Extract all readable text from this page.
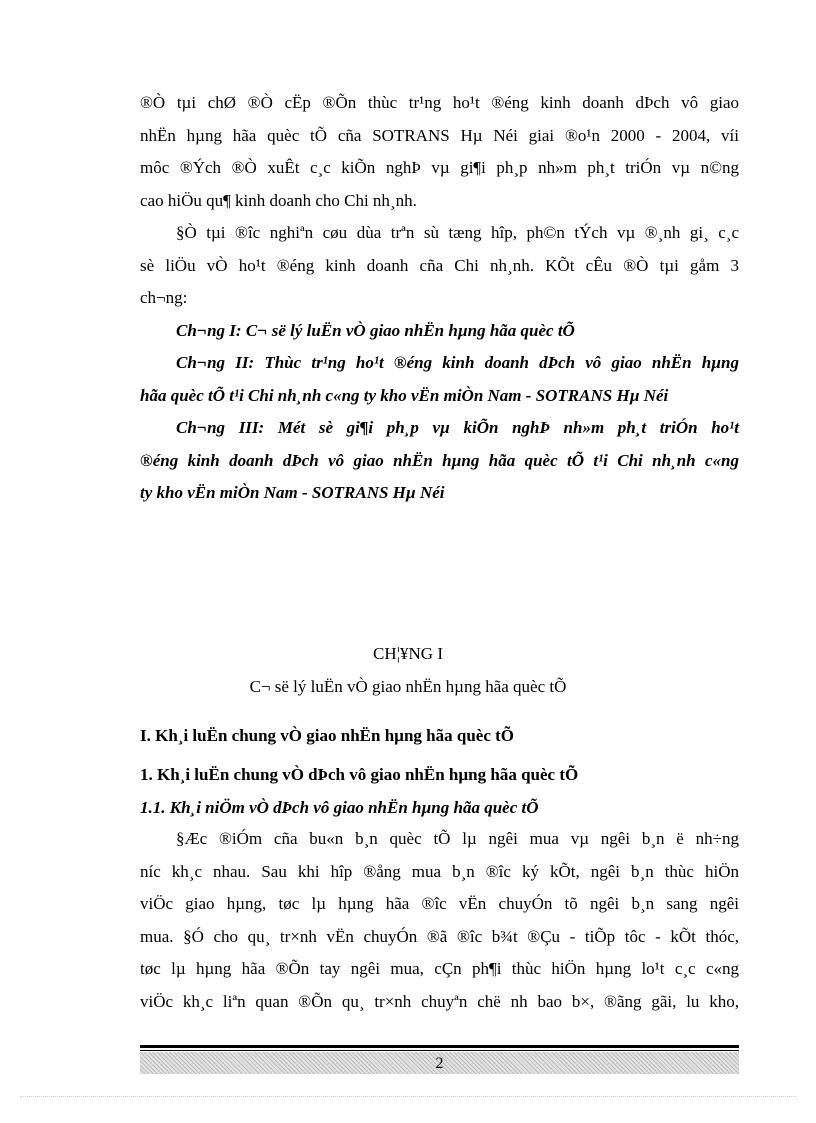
®Ò tµi chØ ®Ò cËp ®Õn thùc tr¹ng ho¹t ®éng kinh doanh dÞch vô giao
nhËn hµng hãa quèc tÕ cña SOTRANS Hµ Néi giai ®o¹n 2000 - 2004, víi
môc ®Ých ®Ò xuÊt c¸c kiÕn nghÞ vµ gi¶i ph¸p nh»m ph¸t triÓn vµ n©ng
cao hiÖu qu¶ kinh doanh cho Chi nh¸nh.
§Ò tµi ®îc nghiªn cøu dùa trªn sù tæng hîp, ph©n tÝch vµ ®¸nh gi¸ c¸c
sè liÖu vÒ ho¹t ®éng kinh doanh cña Chi nh¸nh. KÕt cÊu ®Ò tµi gåm 3
ch¬ng:
Ch¬ng I: C¬ së lý luËn vÒ giao nhËn hµng hãa quèc tÕ
Ch¬ng II: Thùc tr¹ng ho¹t ®éng kinh doanh dÞch vô giao nhËn hµng
hãa quèc tÕ t¹i Chi nh¸nh c«ng ty kho vËn miÒn Nam - SOTRANS Hµ Néi
Ch¬ng III: Mét sè gi¶i ph¸p vµ kiÕn nghÞ nh»m ph¸t triÓn ho¹t
®éng kinh doanh dÞch vô giao nhËn hµng hãa quèc tÕ t¹i Chi nh¸nh c«ng
ty kho vËn miÒn Nam - SOTRANS Hµ Néi
CH¦¥NG I
C¬ së lý luËn vÒ giao nhËn hµng hãa quèc tÕ
I. Kh¸i luËn chung vÒ giao nhËn hµng hãa quèc tÕ
1. Kh¸i luËn chung vÒ dÞch vô giao nhËn hµng hãa quèc tÕ
1.1. Kh¸i niÖm vÒ dÞch vô giao nhËn hµng hãa quèc tÕ
§Æc ®iÓm cña bu«n b¸n quèc tÕ lµ ngêi mua vµ ngêi b¸n ë nh÷ng
níc kh¸c nhau. Sau khi hîp ®ång mua b¸n ®îc ký kÕt, ngêi b¸n thùc hiÖn
viÖc giao hµng, tøc lµ hµng hãa ®îc vËn chuyÓn tõ ngêi b¸n sang ngêi
mua. §Ó cho qu¸ tr×nh vËn chuyÓn ®ã ®îc b¾t ®Çu - tiÕp tôc - kÕt thóc,
tøc lµ hµng hãa ®Õn tay ngêi mua, cÇn ph¶i thùc hiÖn hµng lo¹t c¸c c«ng
viÖc kh¸c liªn quan ®Õn qu¸ tr×nh chuyªn chë nh bao b×, ®ãng gãi, lu kho,
2
